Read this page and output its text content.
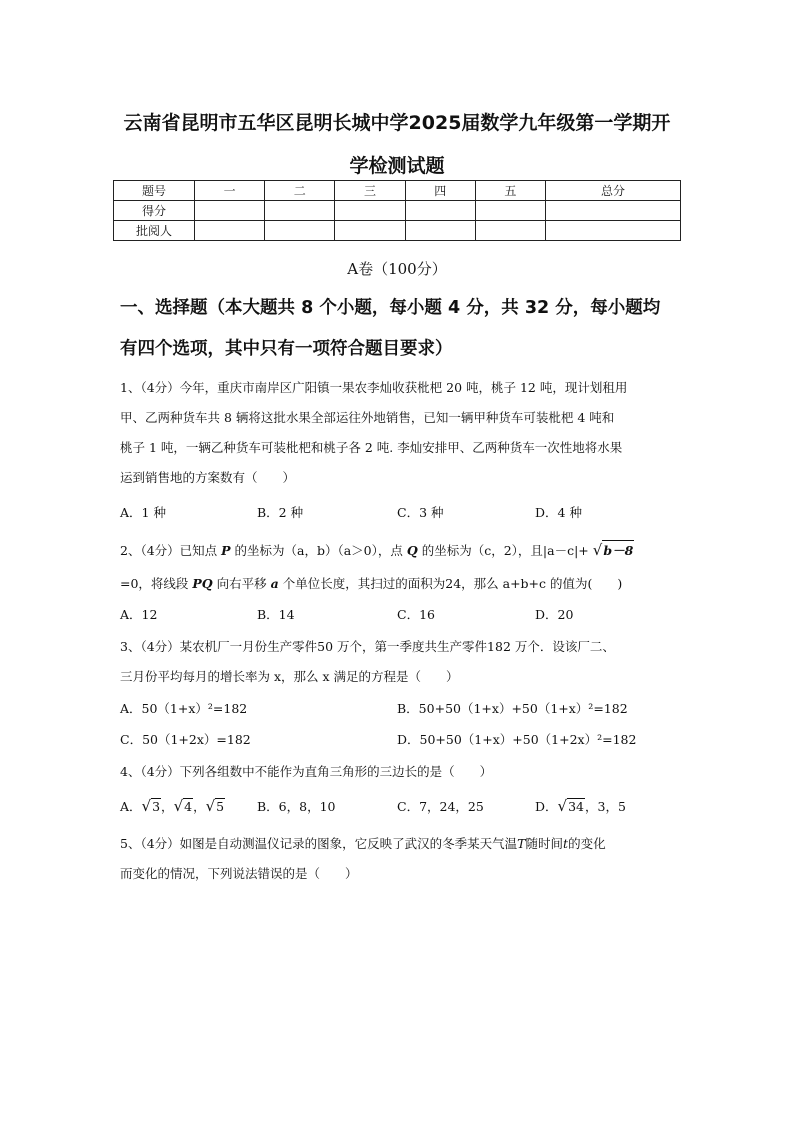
云南省昆明市五华区昆明长城中学2025届数学九年级第一学期开
学检测试题
题号	一	二	三	四	五	总分
得分						
批阅人						
A卷（100分）
一、选择题（本大题共 8 个小题，每小题 4 分，共 32 分，每小题均
有四个选项，其中只有一项符合题目要求）
1、（4分）今年，重庆市南岸区广阳镇一果农李灿收获枇杷 20 吨，桃子 12 吨，现计划租用
甲、乙两种货车共 8 辆将这批水果全部运往外地销售，已知一辆甲种货车可装枇杷 4 吨和
桃子 1 吨，一辆乙种货车可装枇杷和桃子各 2 吨. 李灿安排甲、乙两种货车一次性地将水果
运到销售地的方案数有（　　）
A．1 种	B．2 种	C．3 种	D．4 种
2、（4分）已知点 P 的坐标为（a，b）（a＞0），点 Q 的坐标为（c，2），且|a－c|+ √b－8
=0，将线段 PQ 向右平移 a 个单位长度，其扫过的面积为24，那么 a+b+c 的值为(　　)
A．12	B．14	C．16	D．20
3、（4分）某农机厂一月份生产零件50 万个，第一季度共生产零件182 万个．设该厂二、
三月份平均每月的增长率为 x，那么 x 满足的方程是（　　）
A．50（1+x）²=182	B．50+50（1+x）+50（1+x）²=182
C．50（1+2x）=182	D．50+50（1+x）+50（1+2x）²=182
4、（4分）下列各组数中不能作为直角三角形的三边长的是（　　）
A．√3，√4，√5	B．6，8，10	C．7，24，25	D．√34，3，5
5、（4分）如图是自动测温仪记录的图象，它反映了武汉的冬季某天气温T随时间t的变化
而变化的情况，下列说法错误的是（　　）
